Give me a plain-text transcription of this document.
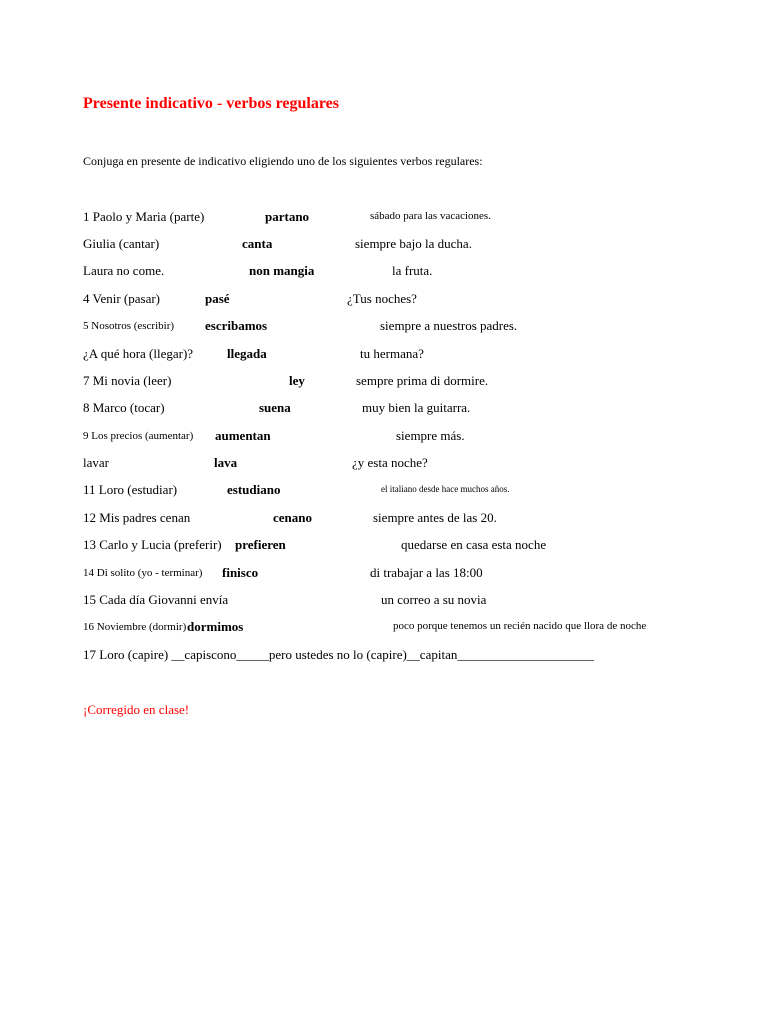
Presente indicativo - verbos regulares
Conjuga en presente de indicativo eligiendo uno de los siguientes verbos regulares:
1 Paolo y Maria (parte)	partano	sábado para las vacaciones.
Giulia (cantar)	canta	siempre bajo la ducha.
Laura no come.	non mangia	la fruta.
4 Venir (pasar)	pasé	¿Tus noches?
5 Nosotros (escribir) escribamos	siempre a nuestros padres.
¿A qué hora (llegar)?	llegada	tu hermana?
7 Mi novia (leer)	ley	sempre prima di dormire.
8 Marco (tocar)	suena	muy bien la guitarra.
9 Los precios (aumentar) aumentan	siempre más.
lavar	lava	¿y esta noche?
11 Loro (estudiar)	estudiano	el italiano desde hace muchos años.
12 Mis padres cenan	cenano	siempre antes de las 20.
13 Carlo y Lucia (preferir) prefieren	quedarse en casa esta noche
14 Di solito (yo - terminar) finisco	di trabajar a las 18:00
15 Cada día Giovanni envía	un correo a su novia
16 Noviembre (dormir) dormimos	poco porque tenemos un recién nacido que llora de noche
17 Loro (capire) __capiscono_____pero ustedes no lo (capire)__capitan_____________________
¡Corregido en clase!
